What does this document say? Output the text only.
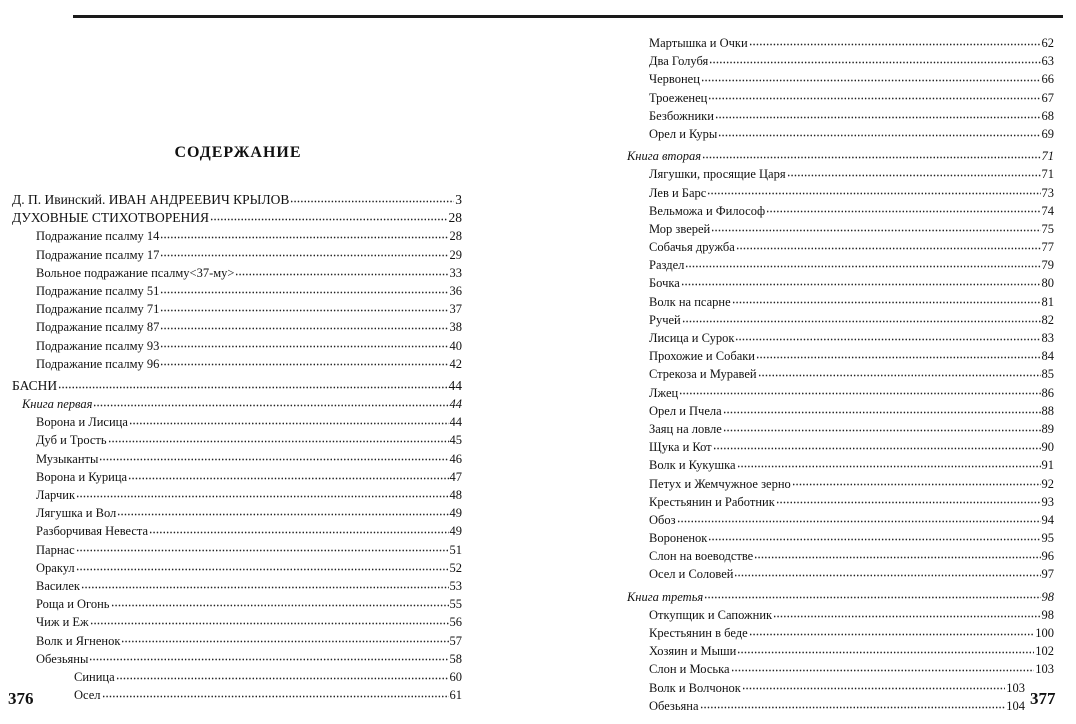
СОДЕРЖАНИЕ
Д. П. Ивинский. ИВАН АНДРЕЕВИЧ КРЫЛОВ	3
ДУХОВНЫЕ СТИХОТВОРЕНИЯ	28
Подражание псалму 14	28
Подражание псалму 17	29
Вольное подражание псалму<37-му>	33
Подражание псалму 51	36
Подражание псалму 71	37
Подражание псалму 87	38
Подражание псалму 93	40
Подражание псалму 96	42
БАСНИ	44
Книга первая	44
Ворона и Лисица	44
Дуб и Трость	45
Музыканты	46
Ворона и Курица	47
Ларчик	48
Лягушка и Вол	49
Разборчивая Невеста	49
Парнас	51
Оракул	52
Василек	53
Роща и Огонь	55
Чиж и Еж	56
Волк и Ягненок	57
Обезьяны	58
Синица	60
Осел	61
376
Мартышка и Очки	62
Два Голубя	63
Червонец	66
Троеженец	67
Безбожники	68
Орел и Куры	69
Книга вторая	71
Лягушки, просящие Царя	71
Лев и Барс	73
Вельможа и Философ	74
Мор зверей	75
Собачья дружба	77
Раздел	79
Бочка	80
Волк на псарне	81
Ручей	82
Лисица и Сурок	83
Прохожие и Собаки	84
Стрекоза и Муравей	85
Лжец	86
Орел и Пчела	88
Заяц на ловле	89
Щука и Кот	90
Волк и Кукушка	91
Петух и Жемчужное зерно	92
Крестьянин и Работник	93
Обоз	94
Вороненок	95
Слон на воеводстве	96
Осел и Соловей	97
Книга третья	98
Откупщик и Сапожник	98
Крестьянин в беде	100
Хозяин и Мыши	102
Слон и Моська	103
Волк и Волчонок	103
Обезьяна	104 377
